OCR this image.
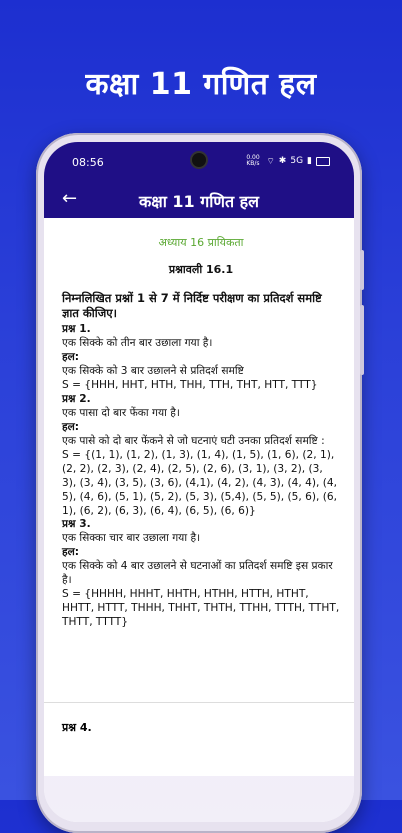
कक्षा 11 गणित हल
08:56	0.00 KB/s ⌔ ✱ 5G ▮
←	कक्षा 11 गणित हल
अध्याय 16 प्रायिकता
प्रश्नावली 16.1
निम्नलिखित प्रश्नों 1 से 7 में निर्दिष्ट परीक्षण का प्रतिदर्श समष्टि ज्ञात कीजिए।
प्रश्न 1.
एक सिक्के को तीन बार उछाला गया है।
हल:
एक सिक्के को 3 बार उछालने से प्रतिदर्श समष्टि
S = {HHH, HHT, HTH, THH, TTH, THT, HTT, TTT}
प्रश्न 2.
एक पासा दो बार फेंका गया है।
हल:
एक पासे को दो बार फेंकने से जो घटनाएं घटी उनका प्रतिदर्श समष्टि :
S = {(1, 1), (1, 2), (1, 3), (1, 4), (1, 5), (1, 6), (2, 1), (2, 2), (2, 3), (2, 4), (2, 5), (2, 6), (3, 1), (3, 2), (3, 3), (3, 4), (3, 5), (3, 6), (4,1), (4, 2), (4, 3), (4, 4), (4, 5), (4, 6), (5, 1), (5, 2), (5, 3), (5,4), (5, 5), (5, 6), (6, 1), (6, 2), (6, 3), (6, 4), (6, 5), (6, 6)}
प्रश्न 3.
एक सिक्का चार बार उछाला गया है।
हल:
एक सिक्के को 4 बार उछालने से घटनाओं का प्रतिदर्श समष्टि इस प्रकार है।
S = {HHHH, HHHT, HHTH, HTHH, HTTH, HTHT, HHTT, HTTT, THHH, THHT, THTH, TTHH, TTTH, TTHT, THTT, TTTT}
प्रश्न 4.
